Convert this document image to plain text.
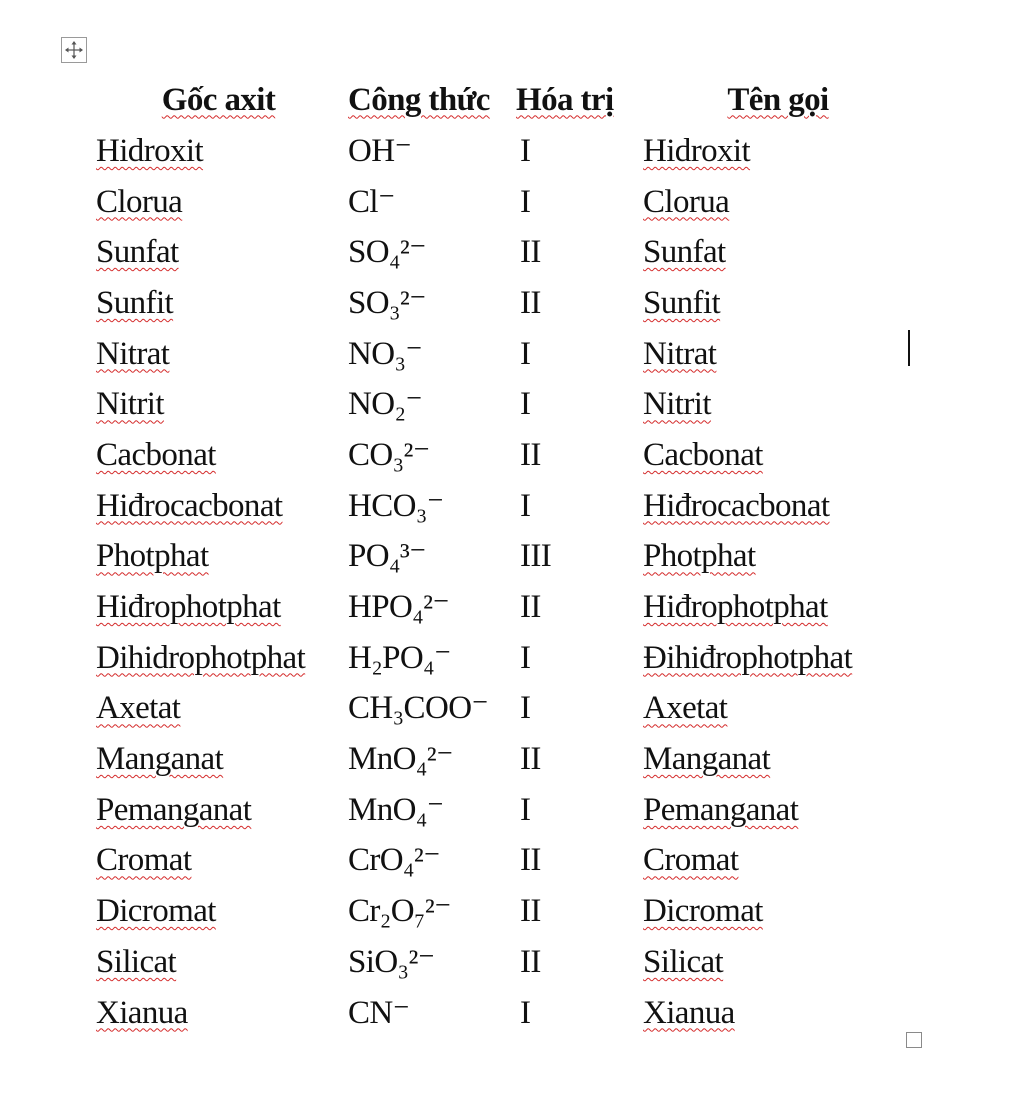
Gốc axit	Công thức	Hóa trị	Tên gọi
Hidroxit	OH⁻	I	Hidroxit
Clorua	Cl⁻	I	Clorua
Sunfat	SO₄²⁻	II	Sunfat
Sunfit	SO₃²⁻	II	Sunfit
Nitrat	NO₃⁻	I	Nitrat
Nitrit	NO₂⁻	I	Nitrit
Cacbonat	CO₃²⁻	II	Cacbonat
Hiđrocacbonat	HCO₃⁻	I	Hiđrocacbonat
Photphat	PO₄³⁻	III	Photphat
Hiđrophotphat	HPO₄²⁻	II	Hiđrophotphat
Dihidrophotphat	H₂PO₄⁻	I	Đihiđrophotphat
Axetat	CH₃COO⁻	I	Axetat
Manganat	MnO₄²⁻	II	Manganat
Pemanganat	MnO₄⁻	I	Pemanganat
Cromat	CrO₄²⁻	II	Cromat
Dicromat	Cr₂O₇²⁻	II	Dicromat
Silicat	SiO₃²⁻	II	Silicat
Xianua	CN⁻	I	Xianua
